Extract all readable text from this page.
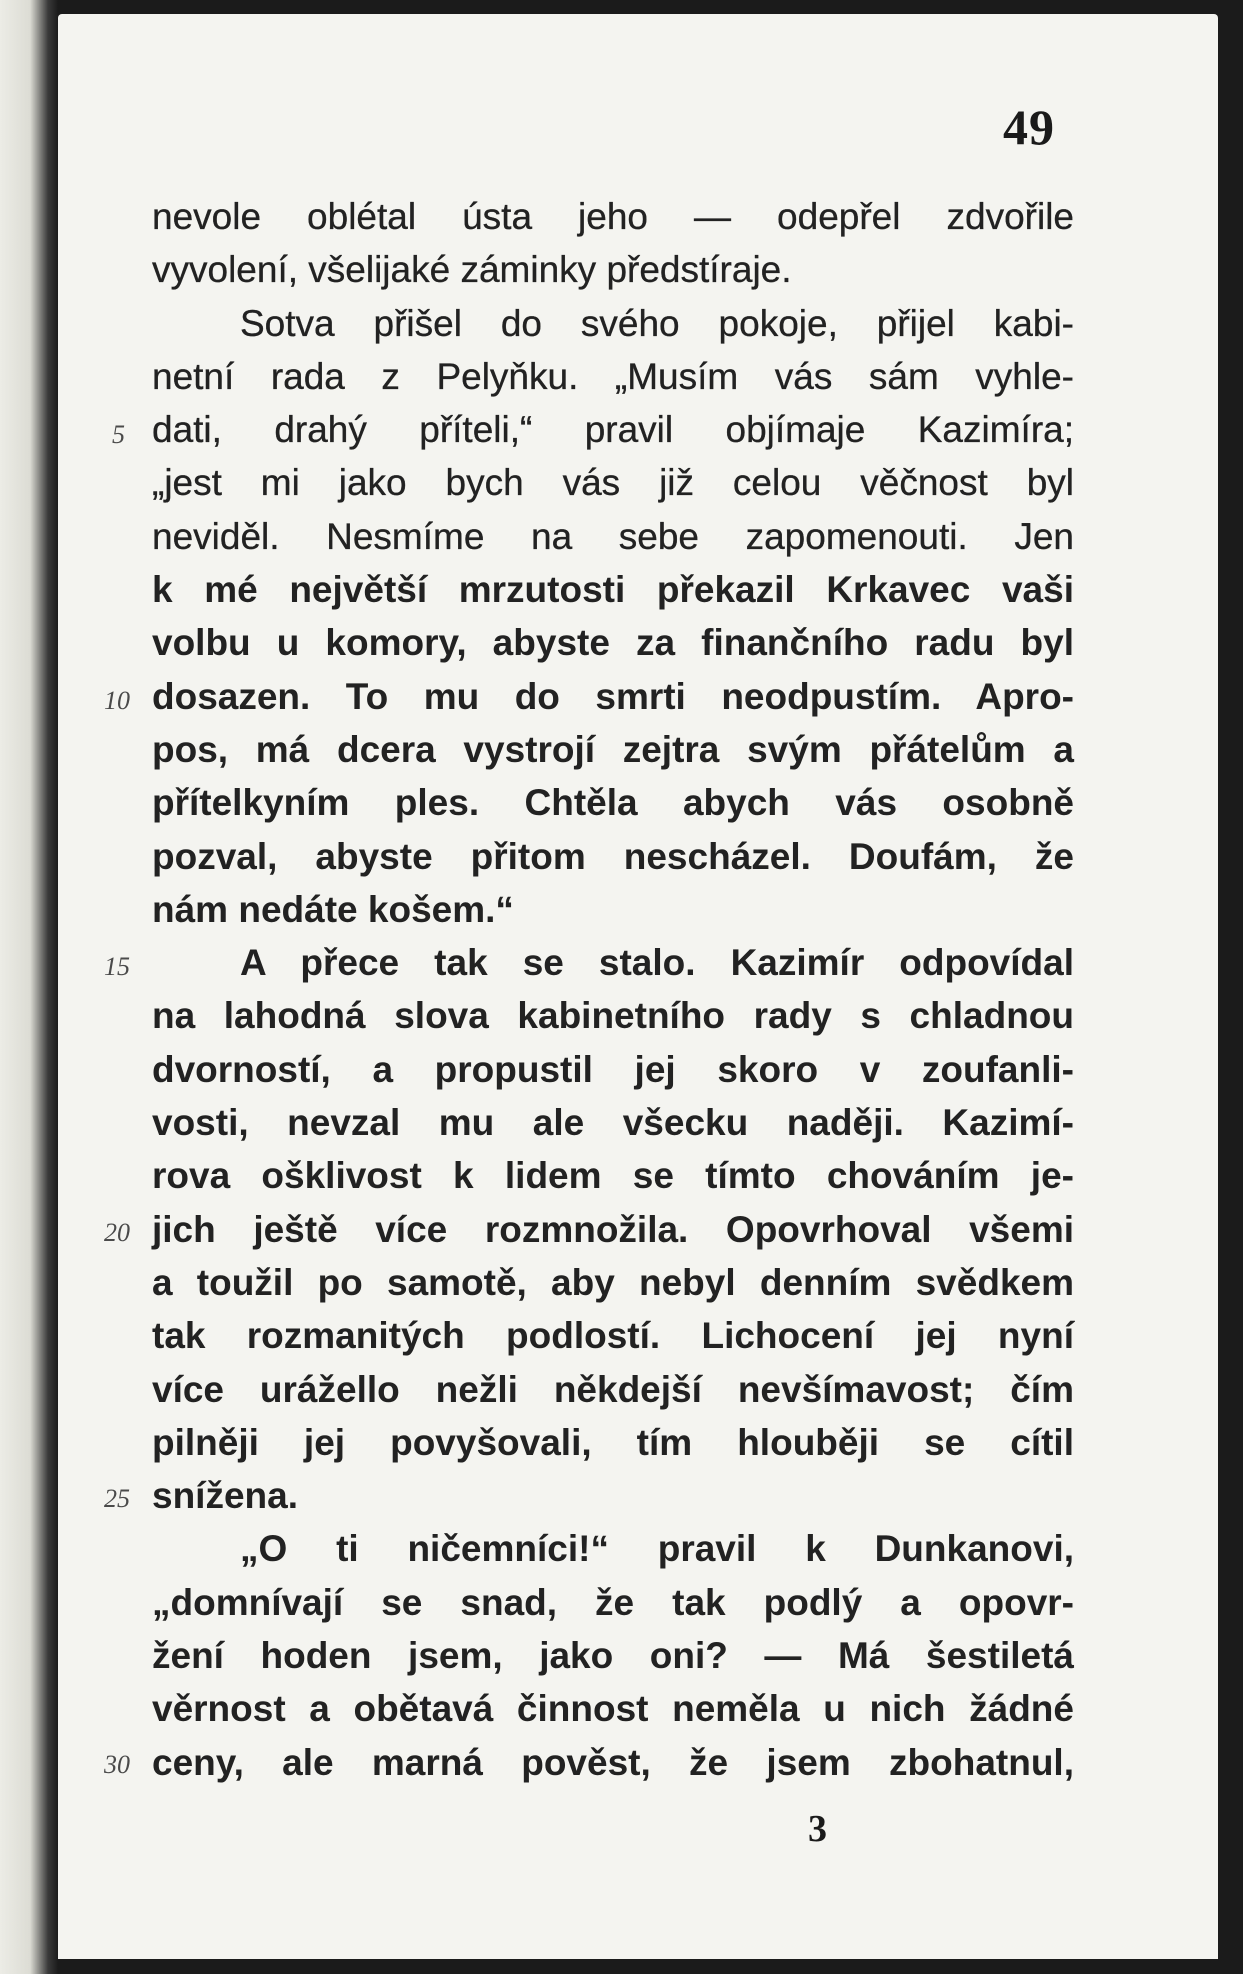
49
nevole oblétal ústa jeho — odepřel zdvořile
vyvolení, všelijaké záminky předstíraje.
Sotva přišel do svého pokoje, přijel kabi-
netní rada z Pelyňku. „Musím vás sám vyhle-
dati, drahý příteli,“ pravil objímaje Kazimíra;
„jest mi jako bych vás již celou věčnost byl
neviděl. Nesmíme na sebe zapomenouti. Jen
k mé největší mrzutosti překazil Krkavec vaši
volbu u komory, abyste za finančního radu byl
dosazen. To mu do smrti neodpustím. Apro-
pos, má dcera vystrojí zejtra svým přátelům a
přítelkyním ples. Chtěla abych vás osobně
pozval, abyste přitom nescházel. Doufám, že
nám nedáte košem.“
A přece tak se stalo. Kazimír odpovídal
na lahodná slova kabinetního rady s chladnou
dvorností, a propustil jej skoro v zoufanli-
vosti, nevzal mu ale všecku naději. Kazimí-
rova ošklivost k lidem se tímto chováním je-
jich ještě více rozmnožila. Opovrhoval všemi
a toužil po samotě, aby nebyl denním svědkem
tak rozmanitých podlostí. Lichocení jej nyní
více urážello nežli někdejší nevšímavost; čím
pilněji jej povyšovali, tím hlouběji se cítil
snížena.
„O ti ničemníci!“ pravil k Dunkanovi,
„domnívají se snad, že tak podlý a opovr-
žení hoden jsem, jako oni? — Má šestiletá
věrnost a obětavá činnost neměla u nich žádné
ceny, ale marná pověst, že jsem zbohatnul,
3
5
10
15
20
25
30
